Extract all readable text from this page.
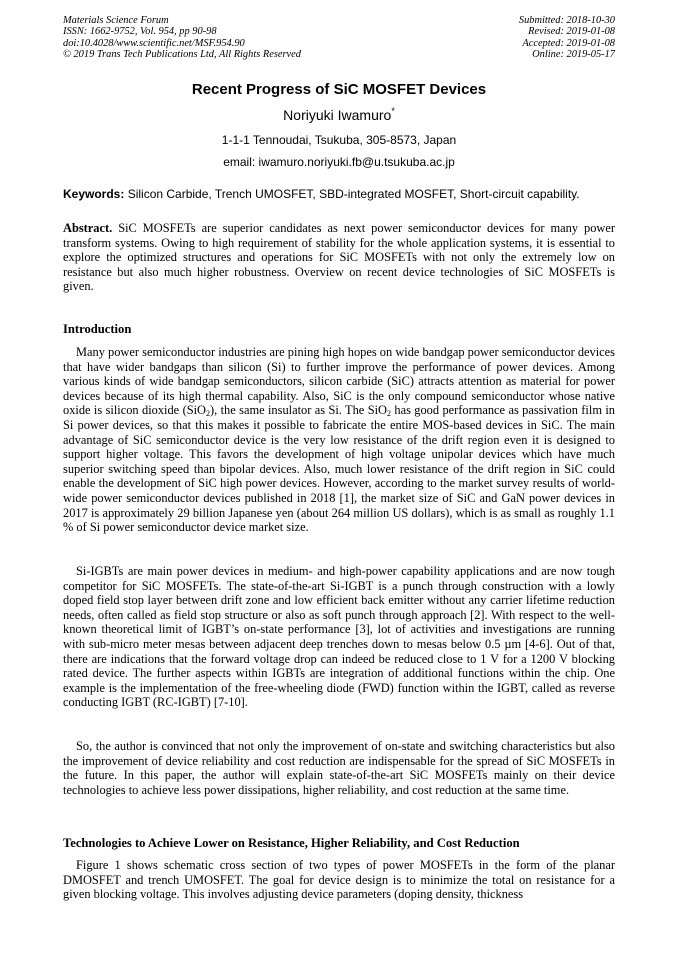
Materials Science Forum
ISSN: 1662-9752, Vol. 954, pp 90-98
doi:10.4028/www.scientific.net/MSF.954.90
© 2019 Trans Tech Publications Ltd, All Rights Reserved
Submitted: 2018-10-30
Revised: 2019-01-08
Accepted: 2019-01-08
Online: 2019-05-17
Recent Progress of SiC MOSFET Devices
Noriyuki Iwamuro*
1-1-1 Tennoudai, Tsukuba, 305-8573, Japan
email: iwamuro.noriyuki.fb@u.tsukuba.ac.jp
Keywords: Silicon Carbide, Trench UMOSFET, SBD-integrated MOSFET, Short-circuit capability.
Abstract. SiC MOSFETs are superior candidates as next power semiconductor devices for many power transform systems. Owing to high requirement of stability for the whole application systems, it is essential to explore the optimized structures and operations for SiC MOSFETs with not only the extremely low on resistance but also much higher robustness. Overview on recent device technologies of SiC MOSFETs is given.
Introduction
Many power semiconductor industries are pining high hopes on wide bandgap power semiconductor devices that have wider bandgaps than silicon (Si) to further improve the performance of power devices. Among various kinds of wide bandgap semiconductors, silicon carbide (SiC) attracts attention as material for power devices because of its high thermal capability. Also, SiC is the only compound semiconductor whose native oxide is silicon dioxide (SiO$_2$), the same insulator as Si. The SiO$_2$ has good performance as passivation film in Si power devices, so that this makes it possible to fabricate the entire MOS-based devices in SiC. The main advantage of SiC semiconductor device is the very low resistance of the drift region even it is designed to support higher voltage. This favors the development of high voltage unipolar devices which have much superior switching speed than bipolar devices. Also, much lower resistance of the drift region in SiC could enable the development of SiC high power devices. However, according to the market survey results of world-wide power semiconductor devices published in 2018 [1], the market size of SiC and GaN power devices in 2017 is approximately 29 billion Japanese yen (about 264 million US dollars), which is as small as roughly 1.1 % of Si power semiconductor device market size.
Si-IGBTs are main power devices in medium- and high-power capability applications and are now tough competitor for SiC MOSFETs. The state-of-the-art Si-IGBT is a punch through construction with a lowly doped field stop layer between drift zone and low efficient back emitter without any carrier lifetime reduction needs, often called as field stop structure or also as soft punch through approach [2]. With respect to the well-known theoretical limit of IGBT’s on-state performance [3], lot of activities and investigations are running with sub-micro meter mesas between adjacent deep trenches down to mesas below 0.5 µm [4-6]. Out of that, there are indications that the forward voltage drop can indeed be reduced close to 1 V for a 1200 V blocking rated device. The further aspects within IGBTs are integration of additional functions within the chip. One example is the implementation of the free-wheeling diode (FWD) function within the IGBT, called as reverse conducting IGBT (RC-IGBT) [7-10].
So, the author is convinced that not only the improvement of on-state and switching characteristics but also the improvement of device reliability and cost reduction are indispensable for the spread of SiC MOSFETs in the future. In this paper, the author will explain state-of-the-art SiC MOSFETs mainly on their device technologies to achieve less power dissipations, higher reliability, and cost reduction at the same time.
Technologies to Achieve Lower on Resistance, Higher Reliability, and Cost Reduction
Figure 1 shows schematic cross section of two types of power MOSFETs in the form of the planar DMOSFET and trench UMOSFET. The goal for device design is to minimize the total on resistance for a given blocking voltage. This involves adjusting device parameters (doping density, thickness
